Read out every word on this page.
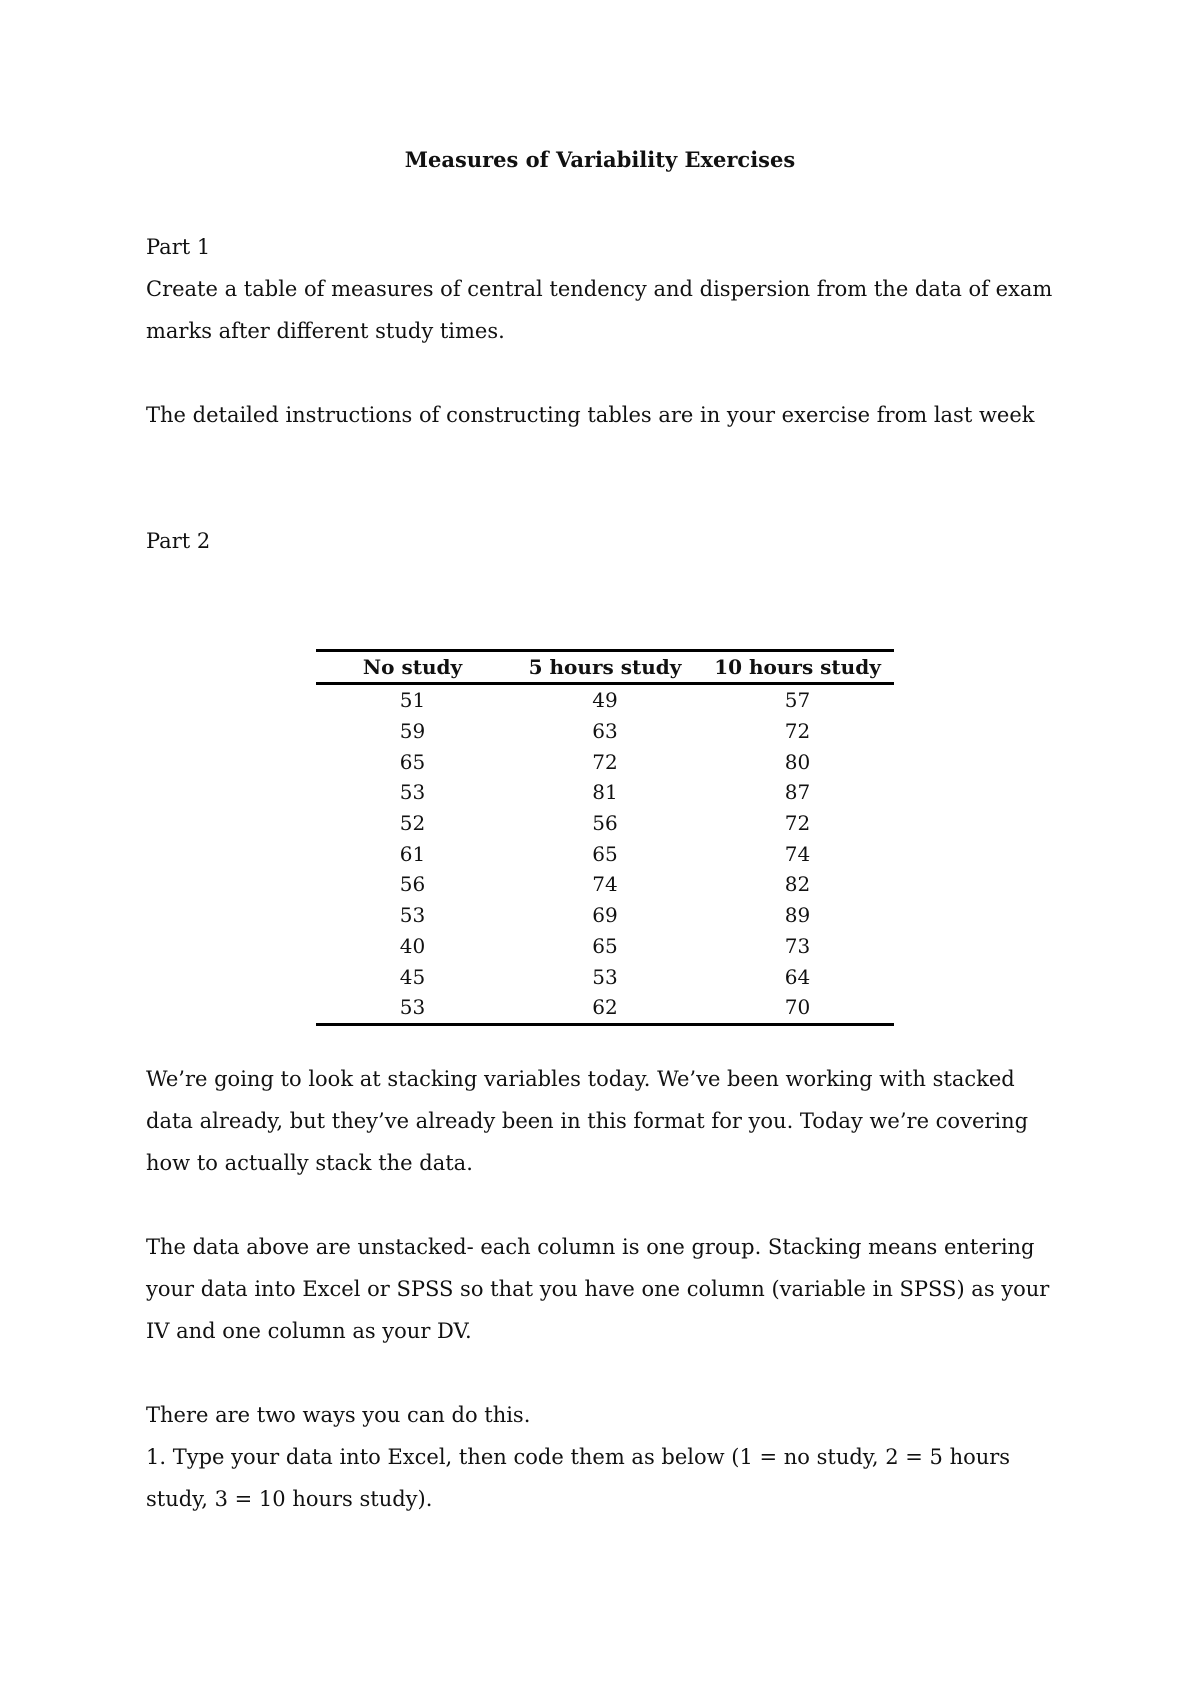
Measures of Variability Exercises

Part 1

Create a table of measures of central tendency and dispersion from the data of exam marks after different study times.

The detailed instructions of constructing tables are in your exercise from last week

Part 2

No study	5 hours study	10 hours study
51	49	57
59	63	72
65	72	80
53	81	87
52	56	72
61	65	74
56	74	82
53	69	89
40	65	73
45	53	64
53	62	70

We’re going to look at stacking variables today. We’ve been working with stacked data already, but they’ve already been in this format for you. Today we’re covering how to actually stack the data.

The data above are unstacked- each column is one group. Stacking means entering your data into Excel or SPSS so that you have one column (variable in SPSS) as your IV and one column as your DV.

There are two ways you can do this.

1. Type your data into Excel, then code them as below (1 = no study, 2 = 5 hours study, 3 = 10 hours study).
